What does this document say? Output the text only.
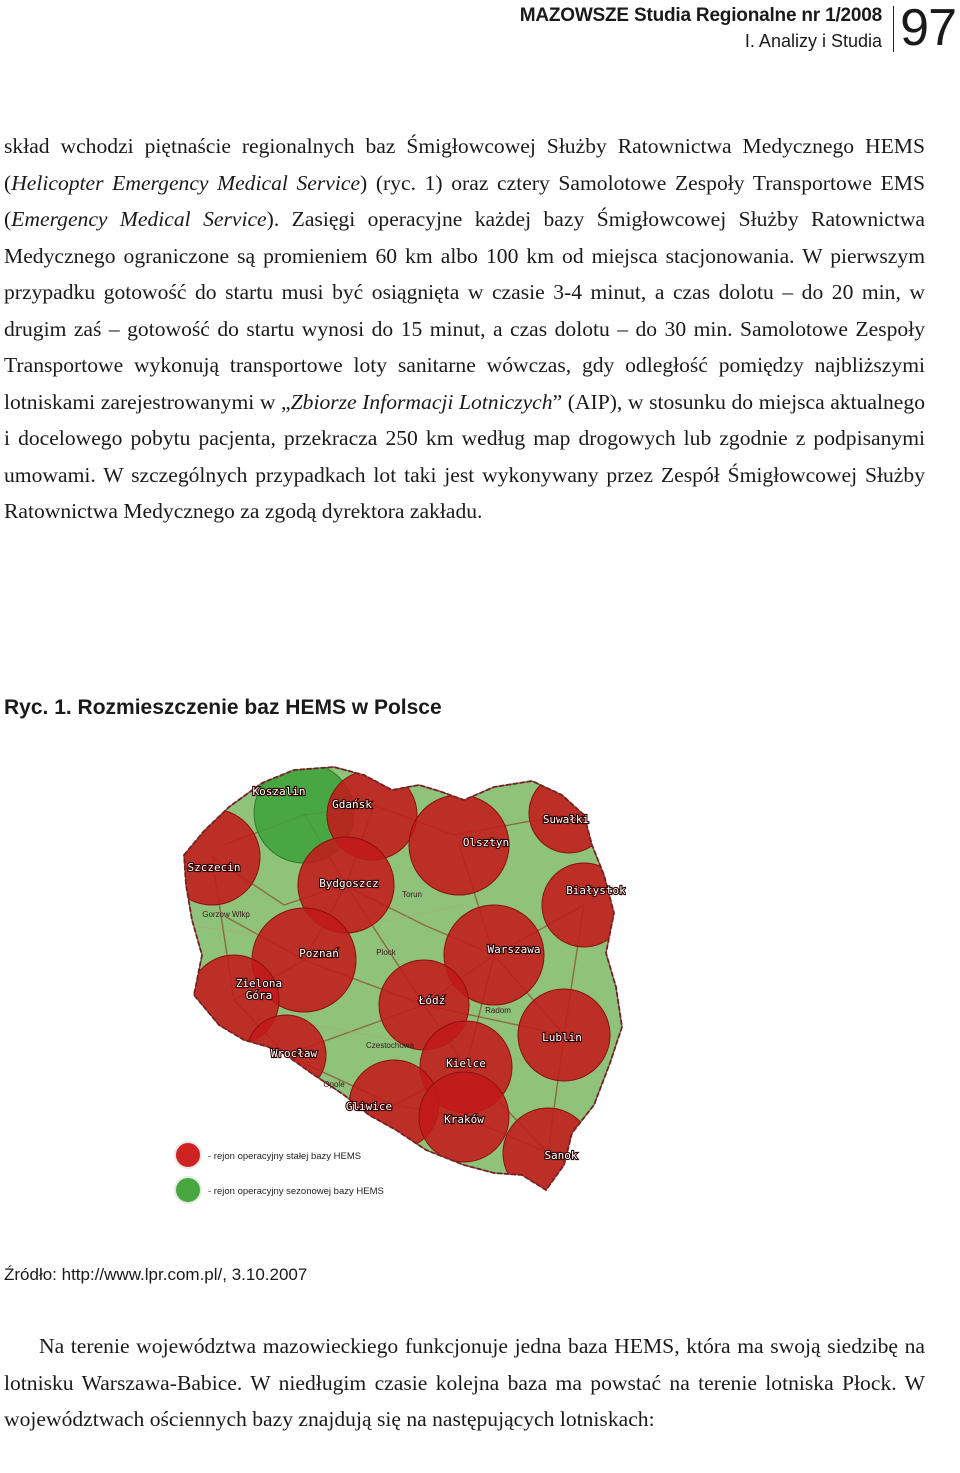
MAZOWSZE Studia Regionalne nr 1/2008
I. Analizy i Studia 97

skład wchodzi piętnaście regionalnych baz Śmigłowcowej Służby Ratownictwa Medycznego HEMS (Helicopter Emergency Medical Service) (ryc. 1) oraz cztery Samolotowe Zespoły Transportowe EMS (Emergency Medical Service). Zasięgi operacyjne każdej bazy Śmigłowcowej Służby Ratownictwa Medycznego ograniczone są promieniem 60 km albo 100 km od miejsca stacjonowania. W pierwszym przypadku gotowość do startu musi być osiągnięta w czasie 3-4 minut, a czas dolotu – do 20 min, w drugim zaś – gotowość do startu wynosi do 15 minut, a czas dolotu – do 30 min. Samolotowe Zespoły Transportowe wykonują transportowe loty sanitarne wówczas, gdy odległość pomiędzy najbliższymi lotniskami zarejestrowanymi w „Zbiorze Informacji Lotniczych” (AIP), w stosunku do miejsca aktualnego i docelowego pobytu pacjenta, przekracza 250 km według map drogowych lub zgodnie z podpisanymi umowami. W szczególnych przypadkach lot taki jest wykonywany przez Zespół Śmigłowcowej Służby Ratownictwa Medycznego za zgodą dyrektora zakładu.

Ryc. 1. Rozmieszczenie baz HEMS w Polsce
Gorzow Wlkp
Torun
Plock
Radom
Czestochowa
Opole
Koszalin
Gdańsk
Suwałki
Olsztyn
Szczecin
Bydgoszcz
Białystok
Warszawa
Poznań
Zielona
Góra	Łódź
Lublin
Wrocław
Kielce
Gliwice
Kraków
Sanok
- rejon operacyjny stałej bazy HEMS
- rejon operacyjny sezonowej bazy HEMS
Źródło: http://www.lpr.com.pl/, 3.10.2007

Na terenie województwa mazowieckiego funkcjonuje jedna baza HEMS, która ma swoją siedzibę na lotnisku Warszawa-Babice. W niedługim czasie kolejna baza ma powstać na terenie lotniska Płock. W województwach ościennych bazy znajdują się na następujących lotniskach:
